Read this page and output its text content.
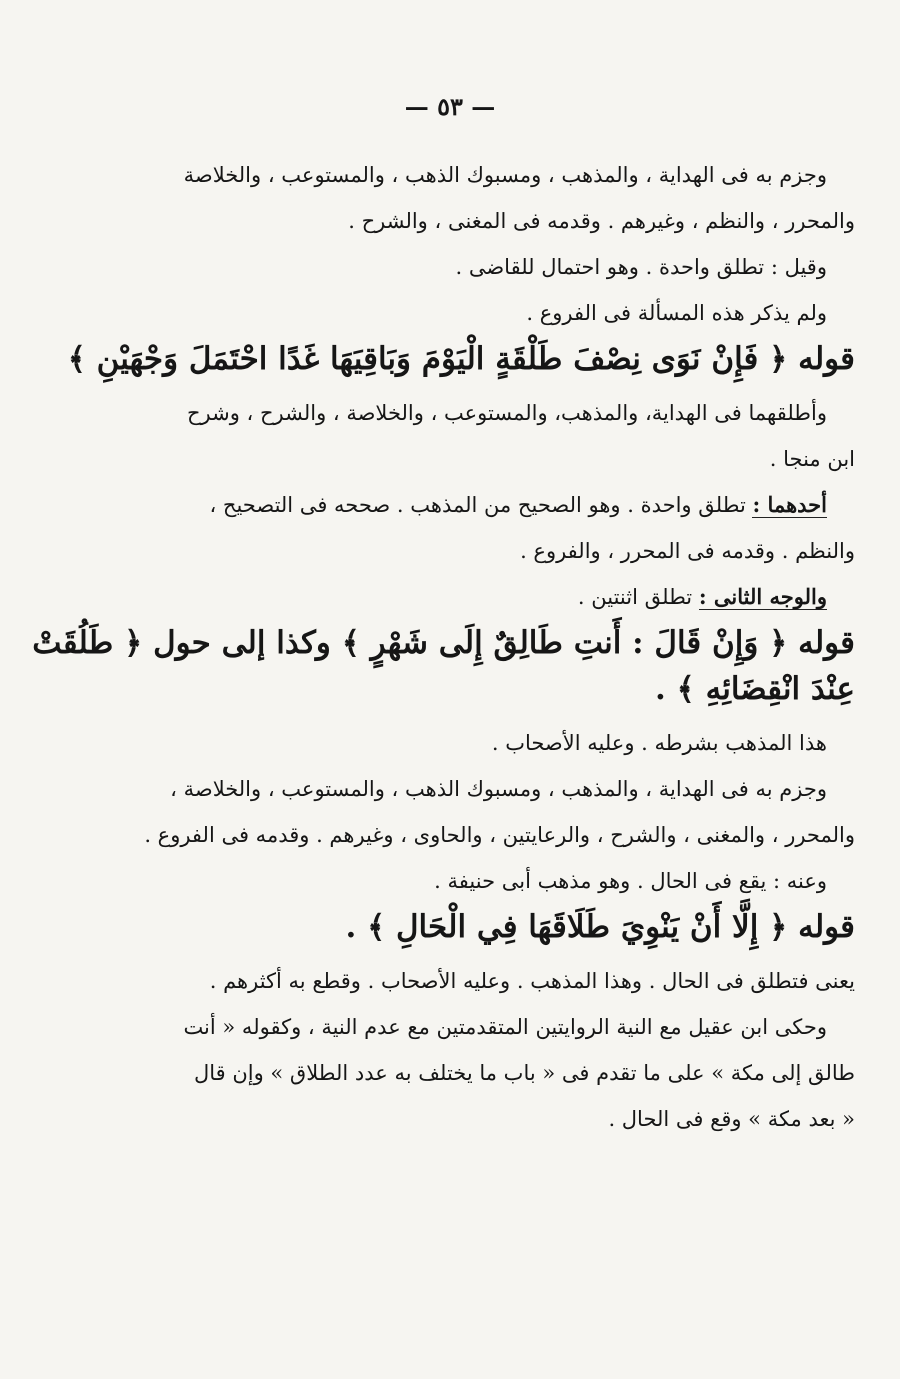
— ٥٣ —
وجزم به فى الهداية ، والمذهب ، ومسبوك الذهب ، والمستوعب ، والخلاصة
والمحرر ، والنظم ، وغيرهم . وقدمه فى المغنى ، والشرح .
وقيل : تطلق واحدة . وهو احتمال للقاضى .
ولم يذكر هذه المسألة فى الفروع .
قوله ﴿ فَإِنْ نَوَى نِصْفَ طَلْقَةٍ الْيَوْمَ وَبَاقِيَهَا غَدًا احْتَمَلَ وَجْهَيْنِ ﴾
وأطلقهما فى الهداية، والمذهب، والمستوعب ، والخلاصة ، والشرح ، وشرح
ابن منجا .
أحدهما : تطلق واحدة . وهو الصحيح من المذهب . صححه فى التصحيح ،
والنظم . وقدمه فى المحرر ، والفروع .
والوجه الثانى : تطلق اثنتين .
قوله ﴿ وَإِنْ قَالَ : أَنتِ طَالِقٌ إِلَى شَهْرٍ ﴾ وكذا إلى حول ﴿ طَلُقَتْ
عِنْدَ انْقِضَائِهِ ﴾ .
هذا المذهب بشرطه . وعليه الأصحاب .
وجزم به فى الهداية ، والمذهب ، ومسبوك الذهب ، والمستوعب ، والخلاصة ،
والمحرر ، والمغنى ، والشرح ، والرعايتين ، والحاوى ، وغيرهم . وقدمه فى الفروع .
وعنه : يقع فى الحال . وهو مذهب أبى حنيفة .
قوله ﴿ إِلَّا أَنْ يَنْوِيَ طَلَاقَهَا فِي الْحَالِ ﴾ .
يعنى فتطلق فى الحال . وهذا المذهب . وعليه الأصحاب . وقطع به أكثرهم .
وحكى ابن عقيل مع النية الروايتين المتقدمتين مع عدم النية ، وكقوله « أنت
طالق إلى مكة » على ما تقدم فى « باب ما يختلف به عدد الطلاق » وإن قال
« بعد مكة » وقع فى الحال .
